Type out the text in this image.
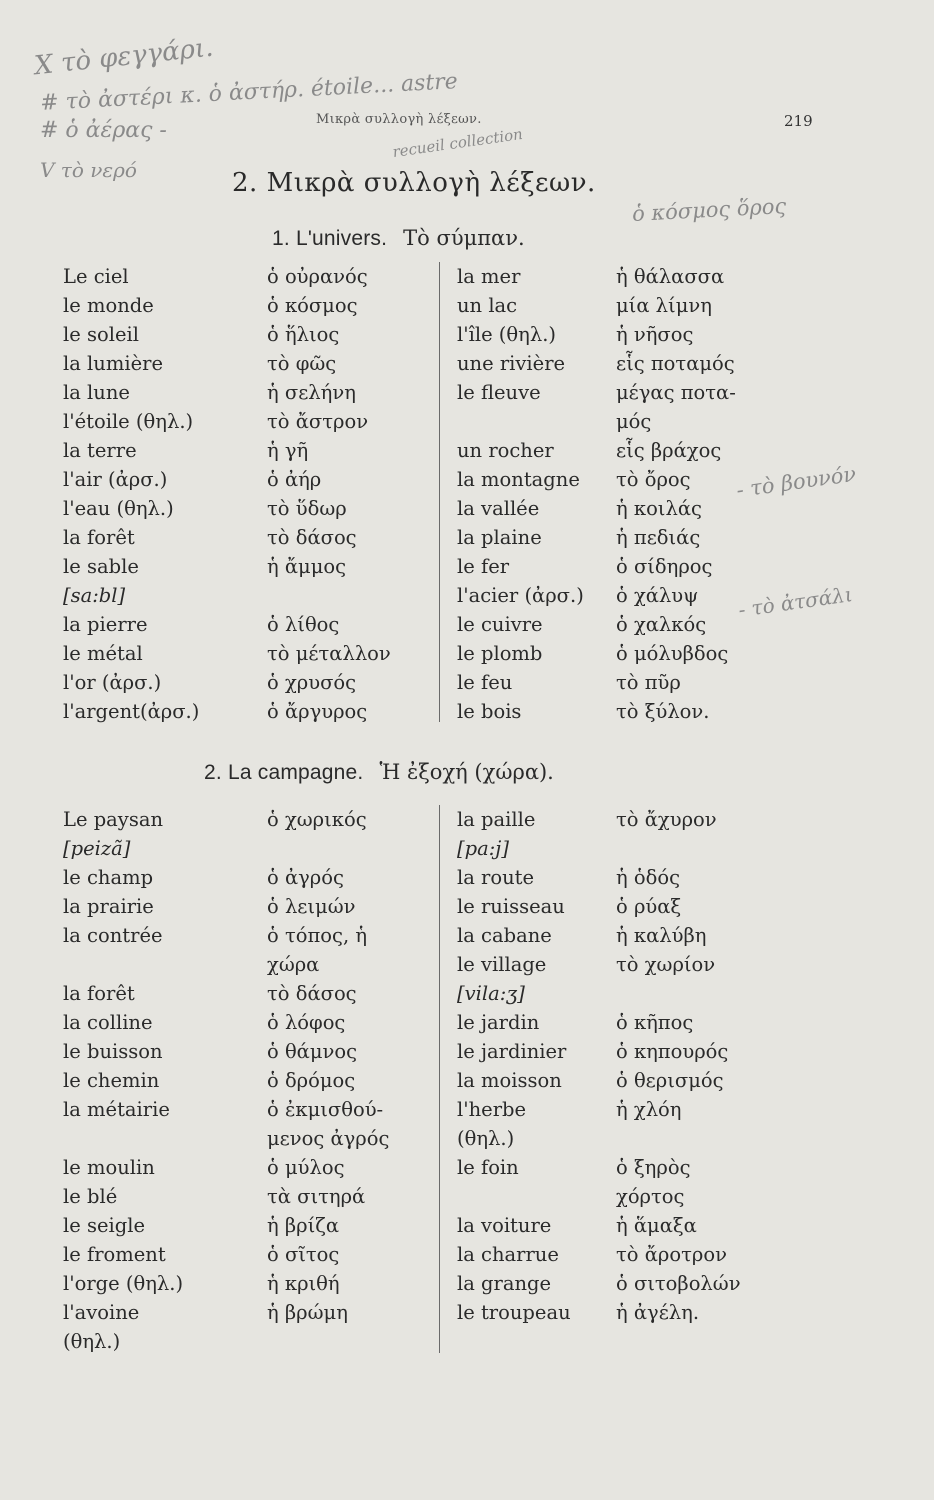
X τὸ φεγγάρι.
# τὸ ἀστέρι κ. ὁ ἀστήρ. étoile... astre
# ὁ ἀέρας -
V τὸ νερό
recueil collection
ὁ κόσμος ὅρος
- τὸ βουνόν
- τὸ ἀτσάλι
Μικρὰ συλλογὴ λέξεων.	219
2. Μικρὰ συλλογὴ λέξεων.
1. L'univers. Τὸ σύμπαν.
Le ciel	ὁ οὐρανός
le monde	ὁ κόσμος
le soleil	ὁ ἥλιος
la lumière	τὸ φῶς
la lune	ἡ σελήνη
l'étoile (θηλ.)	τὸ ἄστρον
la terre	ἡ γῆ
l'air (ἀρσ.)	ὁ ἀήρ
l'eau (θηλ.)	τὸ ὕδωρ
la forêt	τὸ δάσος
le sable	ἡ ἄμμος
[sa:bl]
la pierre	ὁ λίθος
le métal	τὸ μέταλλον
l'or (ἀρσ.)	ὁ χρυσός
l'argent(ἀρσ.)	ὁ ἄργυρος
la mer	ἡ θάλασσα
un lac	μία λίμνη
l'île (θηλ.)	ἡ νῆσος
une rivière	εἷς ποταμός
le fleuve	μέγας ποτα-
μός
un rocher	εἷς βράχος
la montagne τὸ ὄρος
la vallée	ἡ κοιλάς
la plaine	ἡ πεδιάς
le fer	ὁ σίδηρος
l'acier (ἀρσ.) ὁ χάλυψ
le cuivre	ὁ χαλκός
le plomb	ὁ μόλυβδος
le feu	τὸ πῦρ
le bois	τὸ ξύλον.
2. La campagne. Ἡ ἐξοχή (χώρα).
Le paysan	ὁ χωρικός
[peizã]
le champ	ὁ ἀγρός
la prairie	ὁ λειμών
la contrée	ὁ τόπος, ἡ
χώρα
la forêt	τὸ δάσος
la colline	ὁ λόφος
le buisson	ὁ θάμνος
le chemin	ὁ δρόμος
la métairie	ὁ ἐκμισθού-
μενος ἀγρός
le moulin	ὁ μύλος
le blé	τὰ σιτηρά
le seigle	ἡ βρίζα
le froment	ὁ σῖτος
l'orge (θηλ.)	ἡ κριθή
l'avoine	ἡ βρώμη
(θηλ.)
la paille	τὸ ἄχυρον
[pa:j]
la route	ἡ ὁδός
le ruisseau	ὁ ρύαξ
la cabane	ἡ καλύβη
le village	τὸ χωρίον
[vila:ʒ]
le jardin	ὁ κῆπος
le jardinier	ὁ κηπουρός
la moisson	ὁ θερισμός
l'herbe	ἡ χλόη
(θηλ.)
le foin	ὁ ξηρὸς
χόρτος
la voiture	ἡ ἅμαξα
la charrue	τὸ ἄροτρον
la grange	ὁ σιτοβολών
le troupeau ἡ ἀγέλη.
